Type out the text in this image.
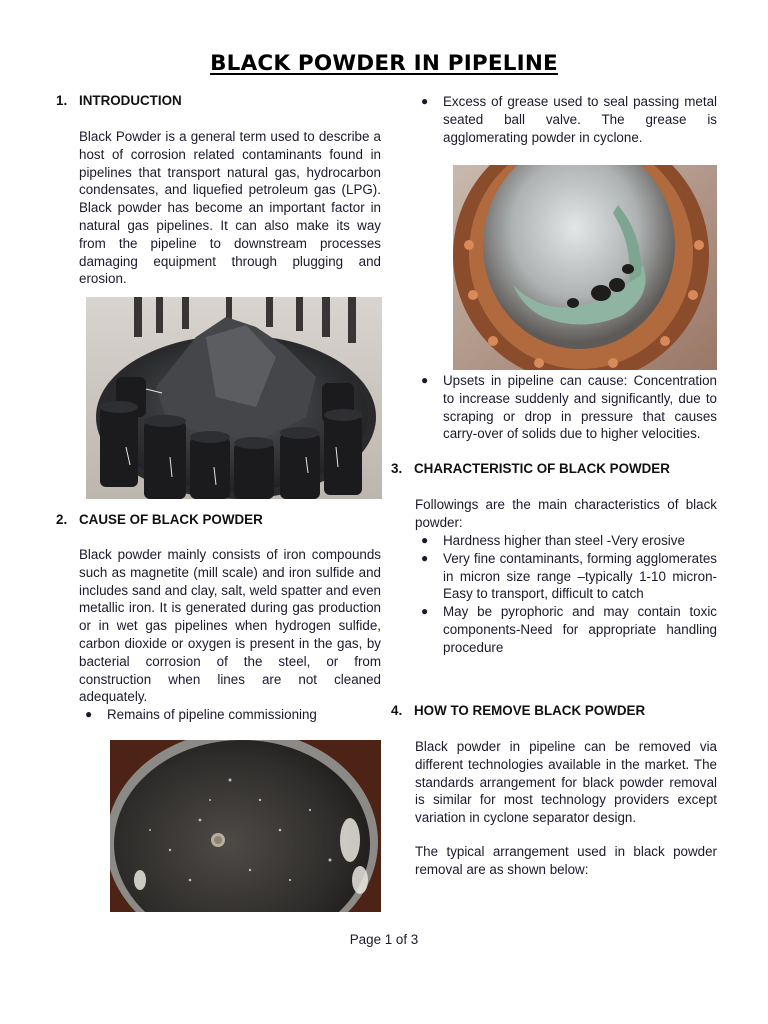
BLACK POWDER IN PIPELINE
1. INTRODUCTION

Black Powder is a general term used to describe a host of corrosion related contaminants found in pipelines that transport natural gas, hydrocarbon condensates, and liquefied petroleum gas (LPG). Black powder has become an important factor in natural gas pipelines. It can also make its way from the pipeline to downstream processes damaging equipment through plugging and erosion.

2. CAUSE OF BLACK POWDER

Black powder mainly consists of iron compounds such as magnetite (mill scale) and iron sulfide and includes sand and clay, salt, weld spatter and even metallic iron. It is generated during gas production or in wet gas pipelines when hydrogen sulfide, carbon dioxide or oxygen is present in the gas, by bacterial corrosion of the steel, or from construction when lines are not cleaned adequately.

● Remains of pipeline commissioning
● Excess of grease used to seal passing metal seated ball valve. The grease is agglomerating powder in cyclone.
● Upsets in pipeline can cause: Concentration to increase suddenly and significantly, due to scraping or drop in pressure that causes carry-over of solids due to higher velocities.
3. CHARACTERISTIC OF BLACK POWDER

Followings are the main characteristics of black powder:

● Hardness higher than steel -Very erosive
● Very fine contaminants, forming agglomerates in micron size range –typically 1-10 micron-Easy to transport, difficult to catch
● May be pyrophoric and may contain toxic components-Need for appropriate handling procedure
4. HOW TO REMOVE BLACK POWDER

Black powder in pipeline can be removed via different technologies available in the market. The standards arrangement for black powder removal is similar for most technology providers except variation in cyclone separator design.

The typical arrangement used in black powder removal are as shown below:

Page 1 of 3
